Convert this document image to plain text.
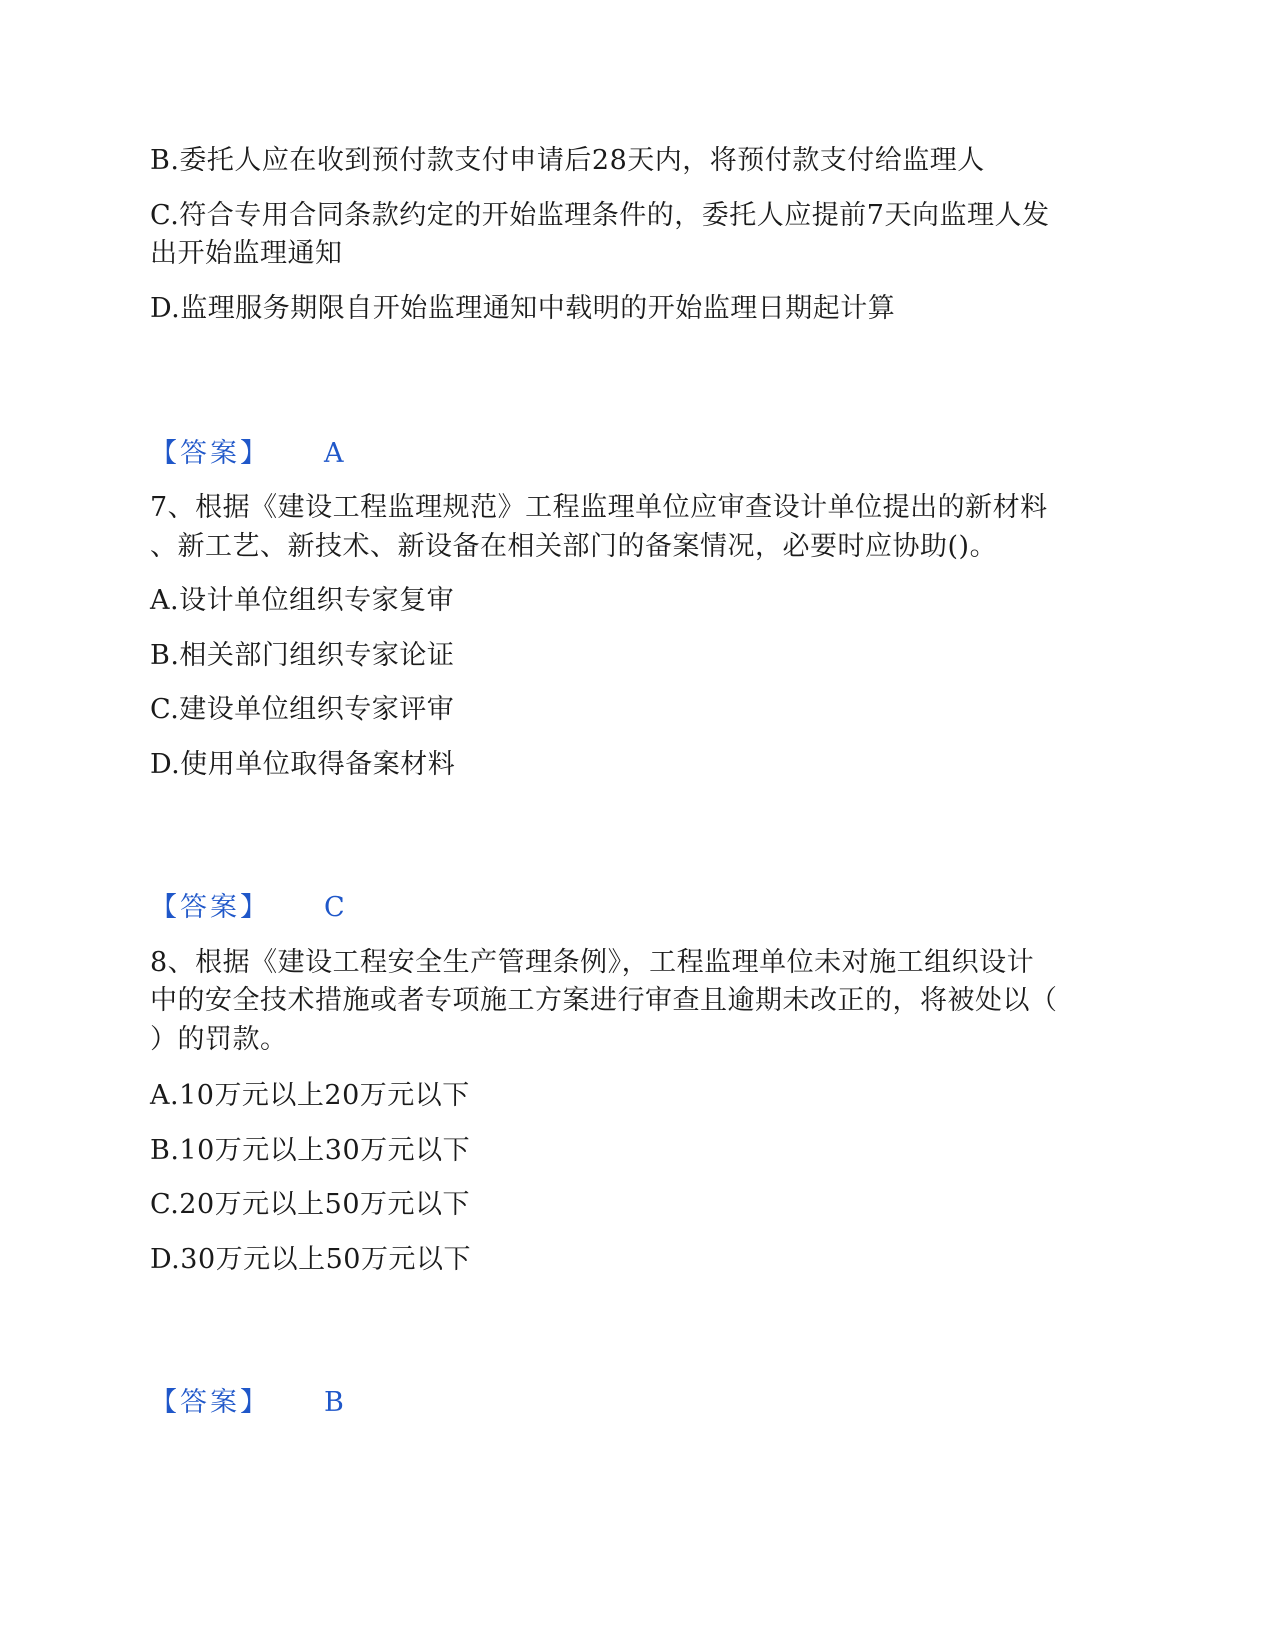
B.委托人应在收到预付款支付申请后28天内，将预付款支付给监理人
C.符合专用合同条款约定的开始监理条件的，委托人应提前7天向监理人发
出开始监理通知
D.监理服务期限自开始监理通知中载明的开始监理日期起计算
【答案】 A
7、根据《建设工程监理规范》工程监理单位应审查设计单位提出的新材料
、新工艺、新技术、新设备在相关部门的备案情况，必要时应协助()。
A.设计单位组织专家复审
B.相关部门组织专家论证
C.建设单位组织专家评审
D.使用单位取得备案材料
【答案】 C
8、根据《建设工程安全生产管理条例》，工程监理单位未对施工组织设计
中的安全技术措施或者专项施工方案进行审查且逾期未改正的，将被处以（
）的罚款。
A.10万元以上20万元以下
B.10万元以上30万元以下
C.20万元以上50万元以下
D.30万元以上50万元以下
【答案】 B
